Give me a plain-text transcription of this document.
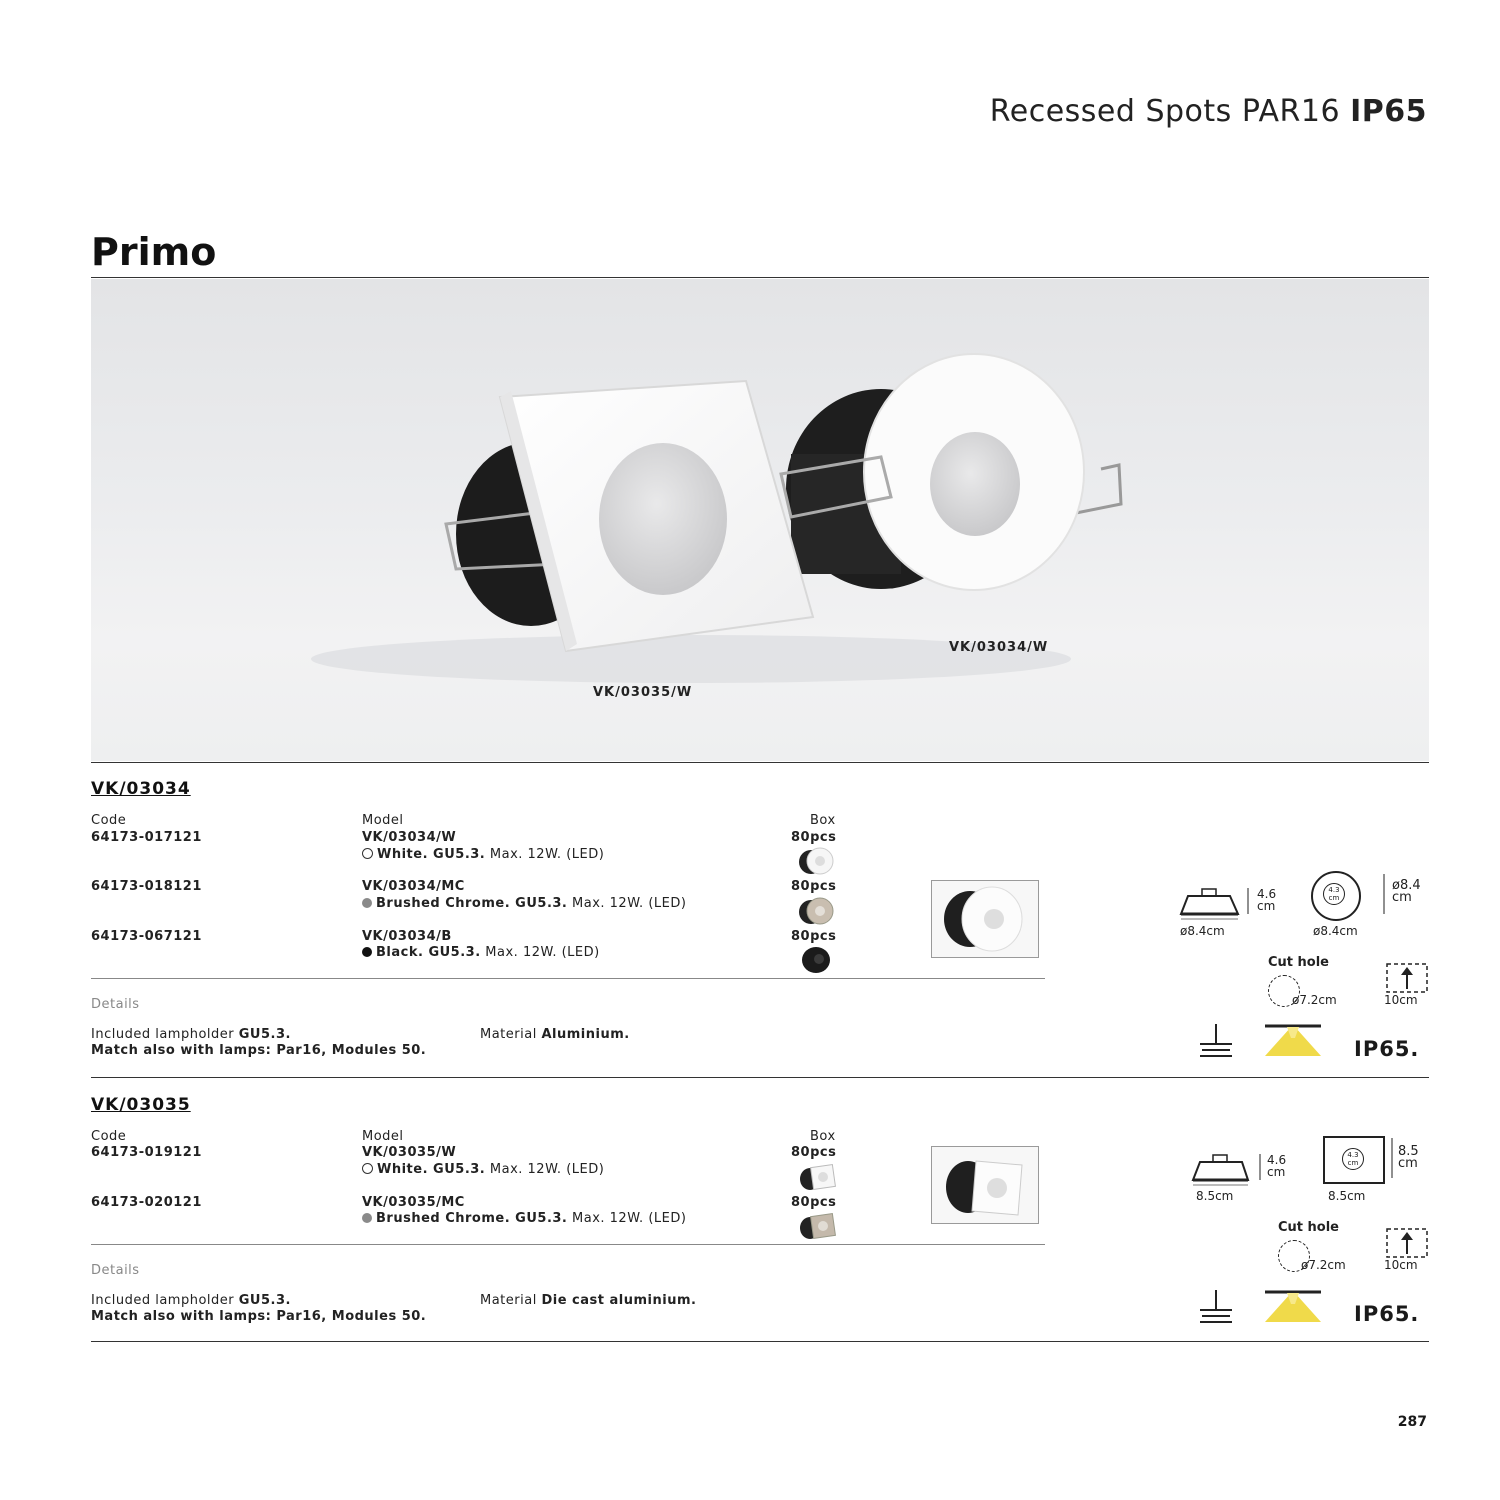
Recessed Spots PAR16 IP65
Primo
VK/03035/W
VK/03034/W
VK/03034
Code	Model	Box
64173-017121	VK/03034/W
White. GU5.3. Max. 12W. (LED)
80pcs
64173-018121	VK/03034/MC
Brushed Chrome. GU5.3. Max. 12W. (LED)
80pcs
64173-067121	VK/03034/B
Black. GU5.3. Max. 12W. (LED)
80pcs
Details
Included lampholder GU5.3.
Match also with lamps: Par16, Modules 50.
Material Aluminium.
4.6
cm
ø8.4cm
4.3
cm
ø8.4
cm
ø8.4cm
Cut hole
ø7.2cm	10cm
IP65.
VK/03035
Code	Model	Box
64173-019121	VK/03035/W
White. GU5.3. Max. 12W. (LED)
80pcs
64173-020121	VK/03035/MC
Brushed Chrome. GU5.3. Max. 12W. (LED)
80pcs
Details
Included lampholder GU5.3.
Match also with lamps: Par16, Modules 50.
Material Die cast aluminium.
4.6
cm
8.5cm
4.3
cm
8.5
cm
8.5cm
Cut hole
ø7.2cm	10cm
IP65.
287
